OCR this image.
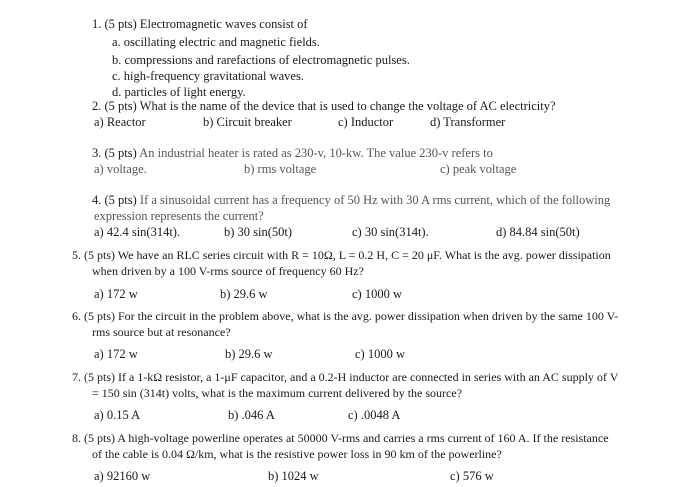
1. (5 pts) Electromagnetic waves consist of
a. oscillating electric and magnetic fields.
b. compressions and rarefactions of electromagnetic pulses.
c. high-frequency gravitational waves.
d. particles of light energy.
2. (5 pts) What is the name of the device that is used to change the voltage of AC electricity?
a) Reactor	b) Circuit breaker	c) Inductor	d) Transformer
3. (5 pts) An industrial heater is rated as 230-v, 10-kw. The value 230-v refers to
a) voltage.	b) rms voltage	c) peak voltage
4. (5 pts) If a sinusoidal current has a frequency of 50 Hz with 30 A rms current, which of the following
expression represents the current?
a) 42.4 sin(314t).	b) 30 sin(50t)	c) 30 sin(314t).	d) 84.84 sin(50t)
5. (5 pts) We have an RLC series circuit with R = 10Ω, L = 0.2 H, C = 20 μF. What is the avg. power dissipation
when driven by a 100 V-rms source of frequency 60 Hz?
a) 172 w	b) 29.6 w	c) 1000 w
6. (5 pts) For the circuit in the problem above, what is the avg. power dissipation when driven by the same 100 V-
rms source but at resonance?
a) 172 w	b) 29.6 w	c) 1000 w
7. (5 pts) If a 1-kΩ resistor, a 1-μF capacitor, and a 0.2-H inductor are connected in series with an AC supply of V
= 150 sin (314t) volts, what is the maximum current delivered by the source?
a) 0.15 A	b) .046 A	c) .0048 A
8. (5 pts) A high-voltage powerline operates at 50000 V-rms and carries a rms current of 160 A. If the resistance
of the cable is 0.04 Ω/km, what is the resistive power loss in 90 km of the powerline?
a) 92160 w	b) 1024 w	c) 576 w
